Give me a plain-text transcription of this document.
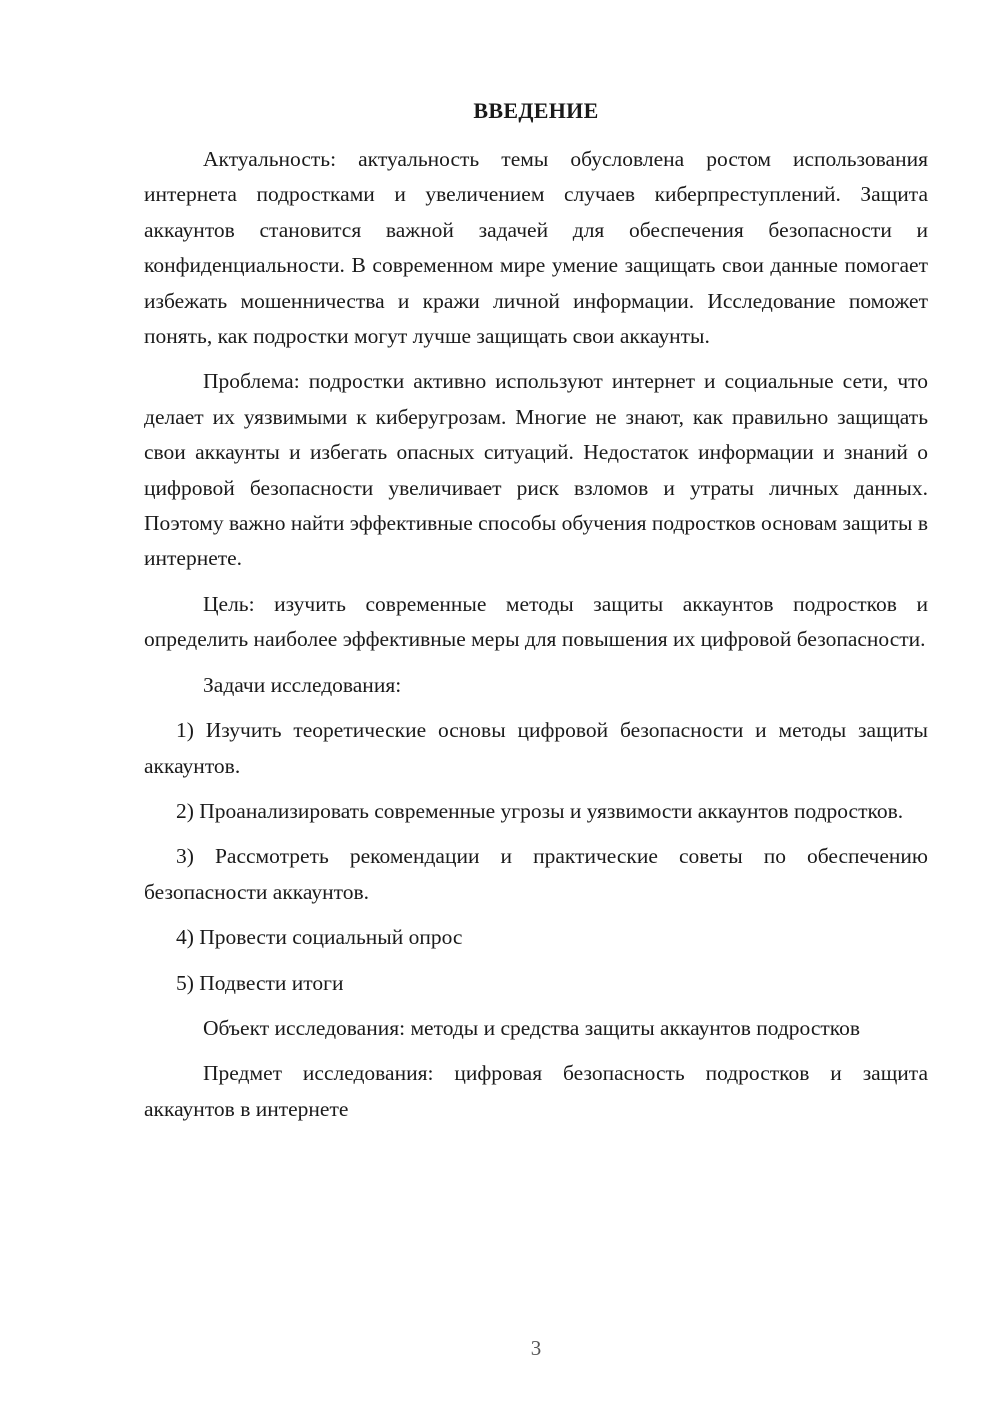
ВВЕДЕНИЕ

Актуальность: актуальность темы обусловлена ростом использования интернета подростками и увеличением случаев киберпреступлений. Защита аккаунтов становится важной задачей для обеспечения безопасности и конфиденциальности. В современном мире умение защищать свои данные помогает избежать мошенничества и кражи личной информации. Исследование поможет понять, как подростки могут лучше защищать свои аккаунты.

Проблема: подростки активно используют интернет и социальные сети, что делает их уязвимыми к киберугрозам. Многие не знают, как правильно защищать свои аккаунты и избегать опасных ситуаций. Недостаток информации и знаний о цифровой безопасности увеличивает риск взломов и утраты личных данных. Поэтому важно найти эффективные способы обучения подростков основам защиты в интернете.

Цель: изучить современные методы защиты аккаунтов подростков и определить наиболее эффективные меры для повышения их цифровой безопасности.

Задачи исследования:

1) Изучить теоретические основы цифровой безопасности и методы защиты аккаунтов.

2) Проанализировать современные угрозы и уязвимости аккаунтов подростков.

3) Рассмотреть рекомендации и практические советы по обеспечению безопасности аккаунтов.

4) Провести социальный опрос

5) Подвести итоги

Объект исследования: методы и средства защиты аккаунтов подростков

Предмет исследования: цифровая безопасность подростков и защита аккаунтов в интернете

3
